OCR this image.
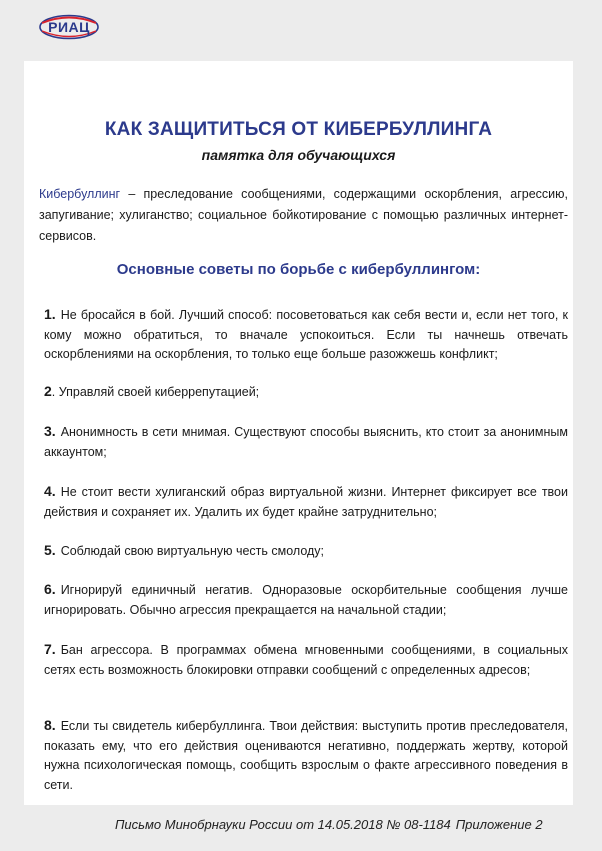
РИАЦ
КАК ЗАЩИТИТЬСЯ ОТ КИБЕРБУЛЛИНГА
памятка для обучающихся
Кибербуллинг – преследование сообщениями, содержащими оскорбления, агрессию, запугивание; хулиганство; социальное бойкотирование с помощью различных интернет-сервисов.
Основные советы по борьбе с кибербуллингом:
1. Не бросайся в бой. Лучший способ: посоветоваться как себя вести и, если нет того, к кому можно обратиться, то вначале успокоиться. Если ты начнешь отвечать оскорблениями на оскорбления, то только еще больше разожжешь конфликт;
2. Управляй своей киберрепутацией;
3. Анонимность в сети мнимая. Существуют способы выяснить, кто стоит за анонимным аккаунтом;
4. Не стоит вести хулиганский образ виртуальной жизни. Интернет фиксирует все твои действия и сохраняет их. Удалить их будет крайне затруднительно;
5. Соблюдай свою виртуальную честь смолоду;
6. Игнорируй единичный негатив. Одноразовые оскорбительные сообщения лучше игнорировать. Обычно агрессия прекращается на начальной стадии;
7. Бан агрессора. В программах обмена мгновенными сообщениями, в социальных сетях есть возможность блокировки отправки сообщений с определенных адресов;
8. Если ты свидетель кибербуллинга. Твои действия: выступить против преследователя, показать ему, что его действия оцениваются негативно, поддержать жертву, которой нужна психологическая помощь, сообщить взрослым о факте агрессивного поведения в сети.
Письмо Минобрнауки России от 14.05.2018 № 08-1184 Приложение 2
